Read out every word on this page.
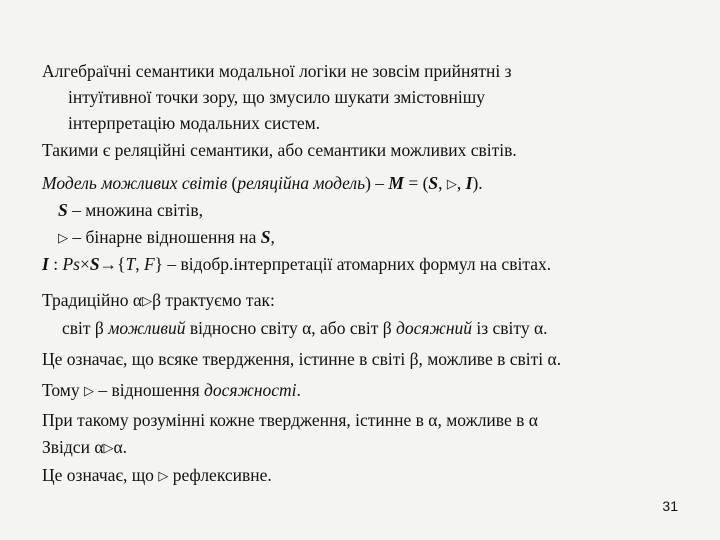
Алгебраїчні семантики модальної логіки не зовсім прийнятні з
інтуїтивної точки зору, що змусило шукати змістовнішу
інтерпретацію модальних систем.
Такими є реляційні семантики, або семантики можливих світів.
Модель можливих світів (реляційна модель) – M = (S, ▷, I).
S – множина світів,
▷ – бінарне відношення на S,
I : Ps×S→{T, F} – відобр.інтерпретації атомарних формул на світах.
Традиційно α▷β трактуємо так:
світ β можливий відносно світу α, або світ β досяжний із світу α.
Це означає, що всяке твердження, істинне в світі β, можливе в світі α.
Тому ▷ – відношення досяжності.
При такому розумінні кожне твердження, істинне в α, можливе в α
Звідси α▷α.
Це означає, що ▷ рефлексивне.
31
